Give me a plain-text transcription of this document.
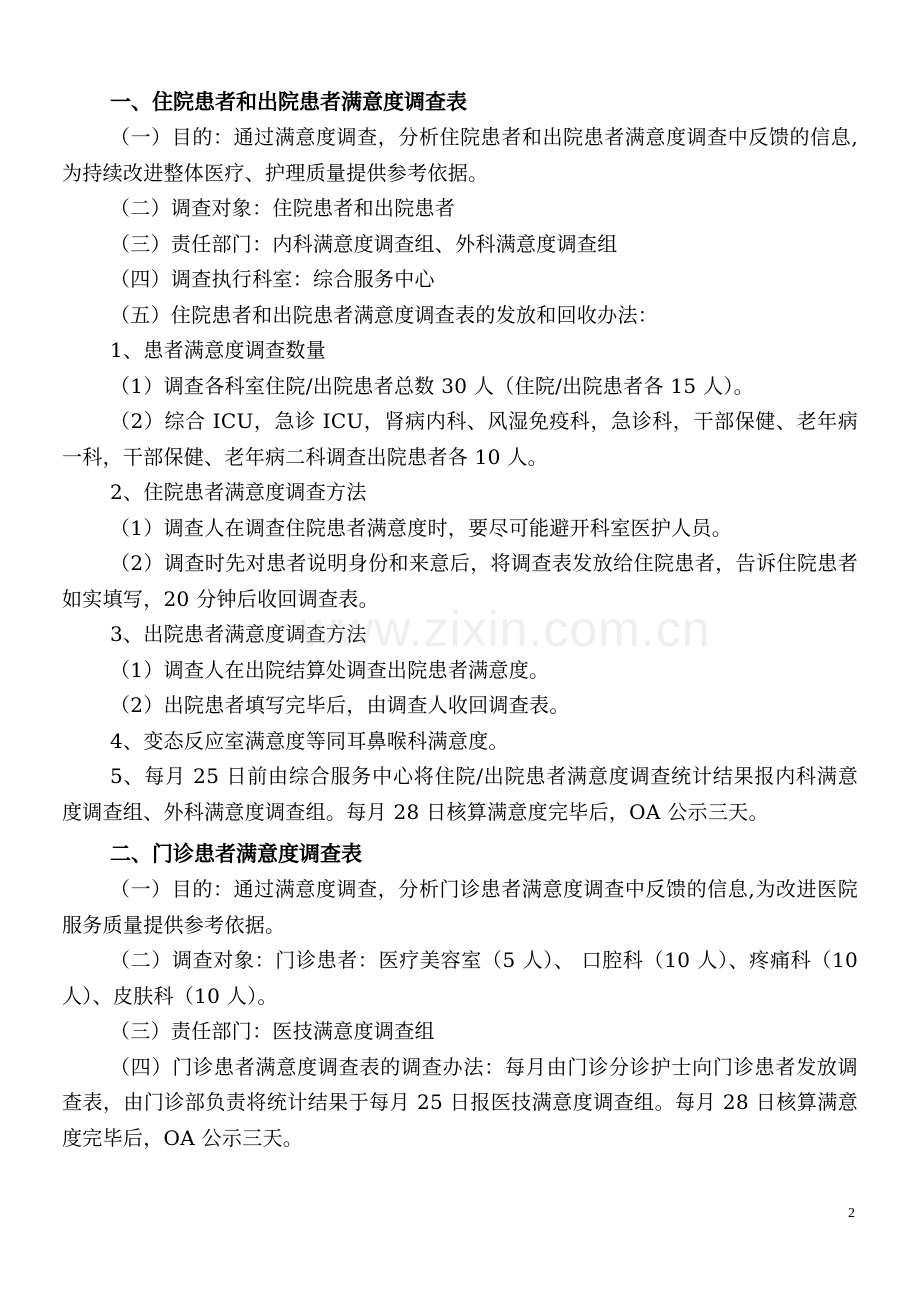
一、住院患者和出院患者满意度调查表

（一）目的：通过满意度调查，分析住院患者和出院患者满意度调查中反馈的信息,为持续改进整体医疗、护理质量提供参考依据。

（二）调查对象：住院患者和出院患者

（三）责任部门：内科满意度调查组、外科满意度调查组

（四）调查执行科室：综合服务中心

（五）住院患者和出院患者满意度调查表的发放和回收办法：

1、患者满意度调查数量

（1）调查各科室住院/出院患者总数 30 人（住院/出院患者各 15 人）。

（2）综合 ICU，急诊 ICU，肾病内科、风湿免疫科，急诊科，干部保健、老年病一科，干部保健、老年病二科调查出院患者各 10 人。

2、住院患者满意度调查方法

（1）调查人在调查住院患者满意度时，要尽可能避开科室医护人员。

（2）调查时先对患者说明身份和来意后，将调查表发放给住院患者，告诉住院患者如实填写，20 分钟后收回调查表。

3、出院患者满意度调查方法

（1）调查人在出院结算处调查出院患者满意度。

（2）出院患者填写完毕后，由调查人收回调查表。

4、变态反应室满意度等同耳鼻喉科满意度。

5、每月 25 日前由综合服务中心将住院/出院患者满意度调查统计结果报内科满意度调查组、外科满意度调查组。每月 28 日核算满意度完毕后，OA 公示三天。

二、门诊患者满意度调查表

（一）目的：通过满意度调查，分析门诊患者满意度调查中反馈的信息,为改进医院服务质量提供参考依据。

（二）调查对象：门诊患者：医疗美容室（5 人）、 口腔科（10 人）、疼痛科（10 人）、皮肤科（10 人）。

（三）责任部门：医技满意度调查组

（四）门诊患者满意度调查表的调查办法：每月由门诊分诊护士向门诊患者发放调查表，由门诊部负责将统计结果于每月 25 日报医技满意度调查组。每月 28 日核算满意度完毕后，OA 公示三天。

www.zixin.com.cn
2
